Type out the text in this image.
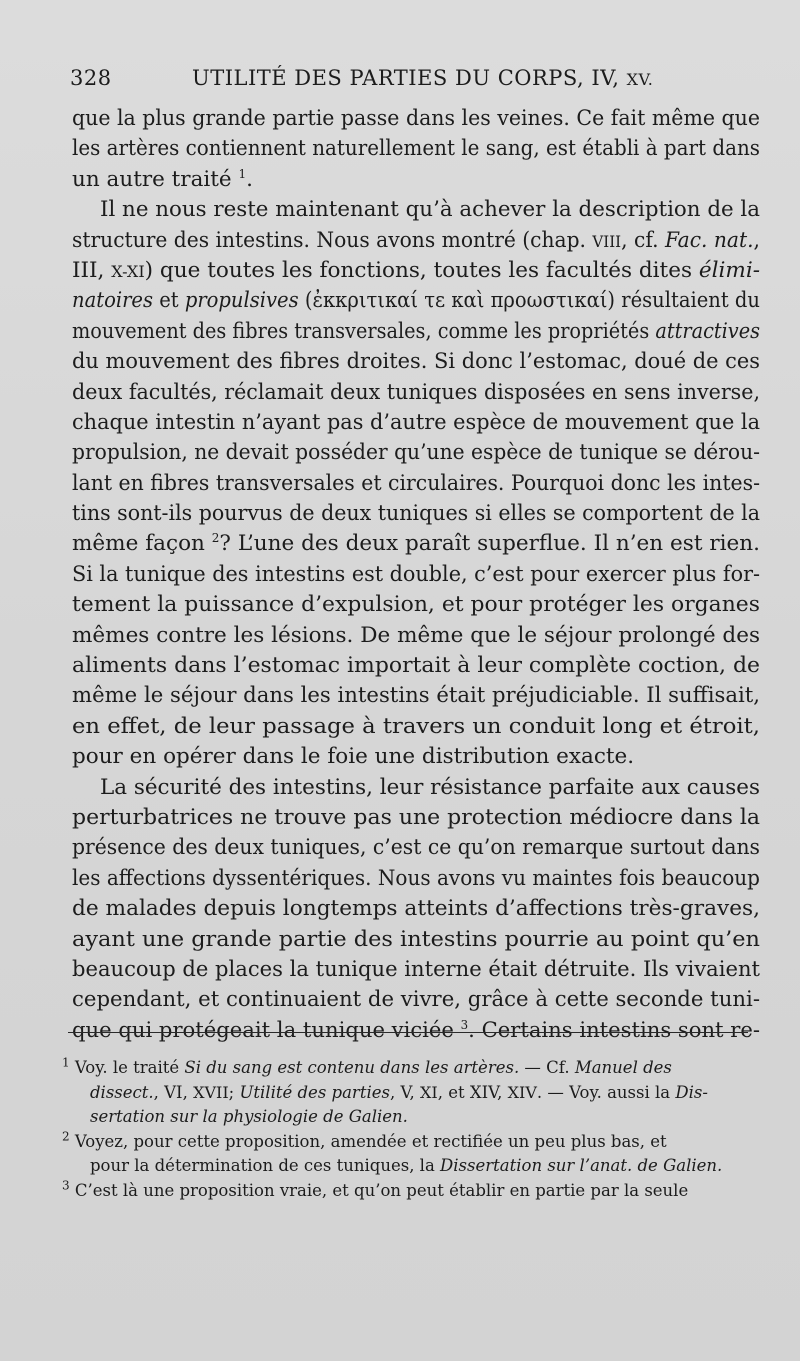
328	UTILITÉ DES PARTIES DU CORPS, IV, XV.
que la plus grande partie passe dans les veines. Ce fait même que
les artères contiennent naturellement le sang, est établi à part dans
un autre traité $^1$.
Il ne nous reste maintenant qu’à achever la description de la
structure des intestins. Nous avons montré (chap. VIII, cf. Fac. nat.,
III, X-XI) que toutes les fonctions, toutes les facultés dites élimi-
natoires et propulsives (ἐκκριτικαί τε καὶ προωστικαί) résultaient du
mouvement des fibres transversales, comme les propriétés attractives
du mouvement des fibres droites. Si donc l’estomac, doué de ces
deux facultés, réclamait deux tuniques disposées en sens inverse,
chaque intestin n’ayant pas d’autre espèce de mouvement que la
propulsion, ne devait posséder qu’une espèce de tunique se dérou-
lant en fibres transversales et circulaires. Pourquoi donc les intes-
tins sont-ils pourvus de deux tuniques si elles se comportent de la
même façon $^2$? L’une des deux paraît superflue. Il n’en est rien.
Si la tunique des intestins est double, c’est pour exercer plus for-
tement la puissance d’expulsion, et pour protéger les organes
mêmes contre les lésions. De même que le séjour prolongé des
aliments dans l’estomac importait à leur complète coction, de
même le séjour dans les intestins était préjudiciable. Il suffisait,
en effet, de leur passage à travers un conduit long et étroit,
pour en opérer dans le foie une distribution exacte.
La sécurité des intestins, leur résistance parfaite aux causes
perturbatrices ne trouve pas une protection médiocre dans la
présence des deux tuniques, c’est ce qu’on remarque surtout dans
les affections dyssentériques. Nous avons vu maintes fois beaucoup
de malades depuis longtemps atteints d’affections très-graves,
ayant une grande partie des intestins pourrie au point qu’en
beaucoup de places la tunique interne était détruite. Ils vivaient
cependant, et continuaient de vivre, grâce à cette seconde tuni-
que qui protégeait la tunique viciée $^3$. Certains intestins sont re-
$^1$ Voy. le traité Si du sang est contenu dans les artères. — Cf. Manuel des
dissect., VI, XVII; Utilité des parties, V, XI, et XIV, XIV. — Voy. aussi la Dis-
sertation sur la physiologie de Galien.
$^2$ Voyez, pour cette proposition, amendée et rectifiée un peu plus bas, et
pour la détermination de ces tuniques, la Dissertation sur l’anat. de Galien.
$^3$ C’est là une proposition vraie, et qu’on peut établir en partie par la seule
